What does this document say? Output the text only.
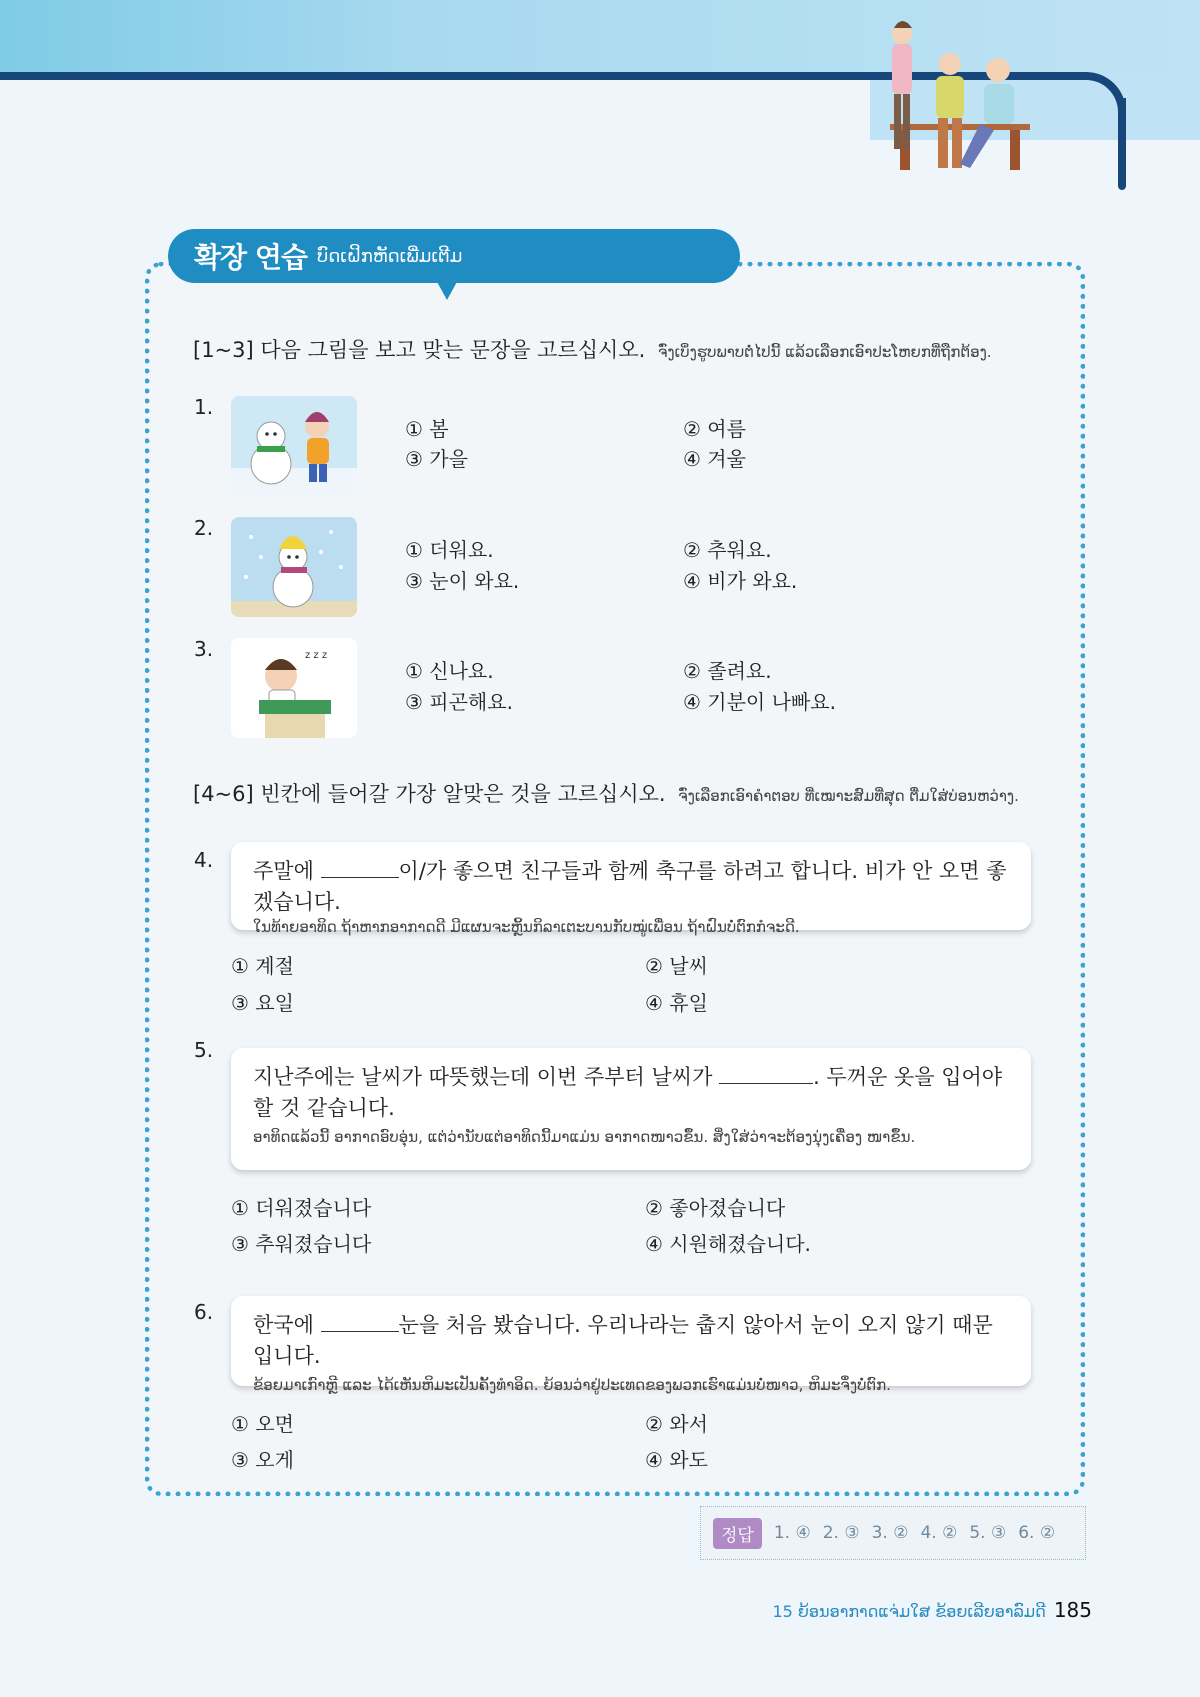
확장 연습 ບົດເຝິກຫັດເພີ່ມເຕີມ
[1~3] 다음 그림을 보고 맞는 문장을 고르십시오. ຈົ່ງເບິ່ງຮູບພາບຕໍ່ໄປນີ້ ແລ້ວເລືອກເອົາປະໂຫຍກທີ່ຖືກຕ້ອງ.
1.
① 봄	② 여름
③ 가을	④ 겨울
2.
① 더워요.	② 추워요.
③ 눈이 와요.	④ 비가 와요.
3.	z z z
① 신나요.	② 졸려요.
③ 피곤해요.	④ 기분이 나빠요.
[4~6] 빈칸에 들어갈 가장 알맞은 것을 고르십시오. ຈົ່ງເລືອກເອົາຄຳຕອບ ທີ່ເໝາະສົມທີ່ສຸດ ຕື່ມໃສ່ບ່ອນຫວ່າງ.
4. 주말에	이/가 좋으면 친구들과 함께 축구를 하려고 합니다. 비가 안 오면 좋겠습니다.
ໃນທ້າຍອາທິດ ຖ້າຫາກອາກາດດີ ມີແຜນຈະຫຼິ້ນກິລາເຕະບານກັບໝູ່ເພື່ອນ ຖ້າຝົນບໍ່ຕົກກໍຈະດີ.
① 계절	② 날씨
③ 요일	④ 휴일
5.
지난주에는 날씨가 따뜻했는데 이번 주부터 날씨가	. 두꺼운 옷을 입어야 할 것 같습니다.
ອາທິດແລ້ວນີ້ ອາກາດອົບອຸ່ນ, ແຕ່ວ່ານັບແຕ່ອາທິດນີ້ມາແມ່ນ ອາກາດໜາວຂຶ້ນ. ສິ່ງໃສ່ວ່າຈະຕ້ອງນຸ່ງເຄື່ອງ ໜາຂຶ້ນ.
① 더워졌습니다	② 좋아졌습니다
③ 추워졌습니다	④ 시원해졌습니다.
6.
한국에	눈을 처음 봤습니다. 우리나라는 춥지 않아서 눈이 오지 않기 때문입니다.
ຂ້ອຍມາເກົາຫຼີ ແລະ ໄດ້ເຫັນຫິມະເປັນຄັ້ງທຳອິດ. ຍ້ອນວ່າຢູ່ປະເທດຂອງພວກເຮົາແມ່ນບໍ່ໜາວ, ຫິມະຈຶ່ງບໍ່ຕົກ.
① 오면	② 와서
③ 오게	④ 와도
정답	1. ④ 2. ③ 3. ② 4. ② 5. ③ 6. ②
15 ຍ້ອນອາກາດແຈ່ມໃສ ຂ້ອຍເລີຍອາລົມດີ 185
